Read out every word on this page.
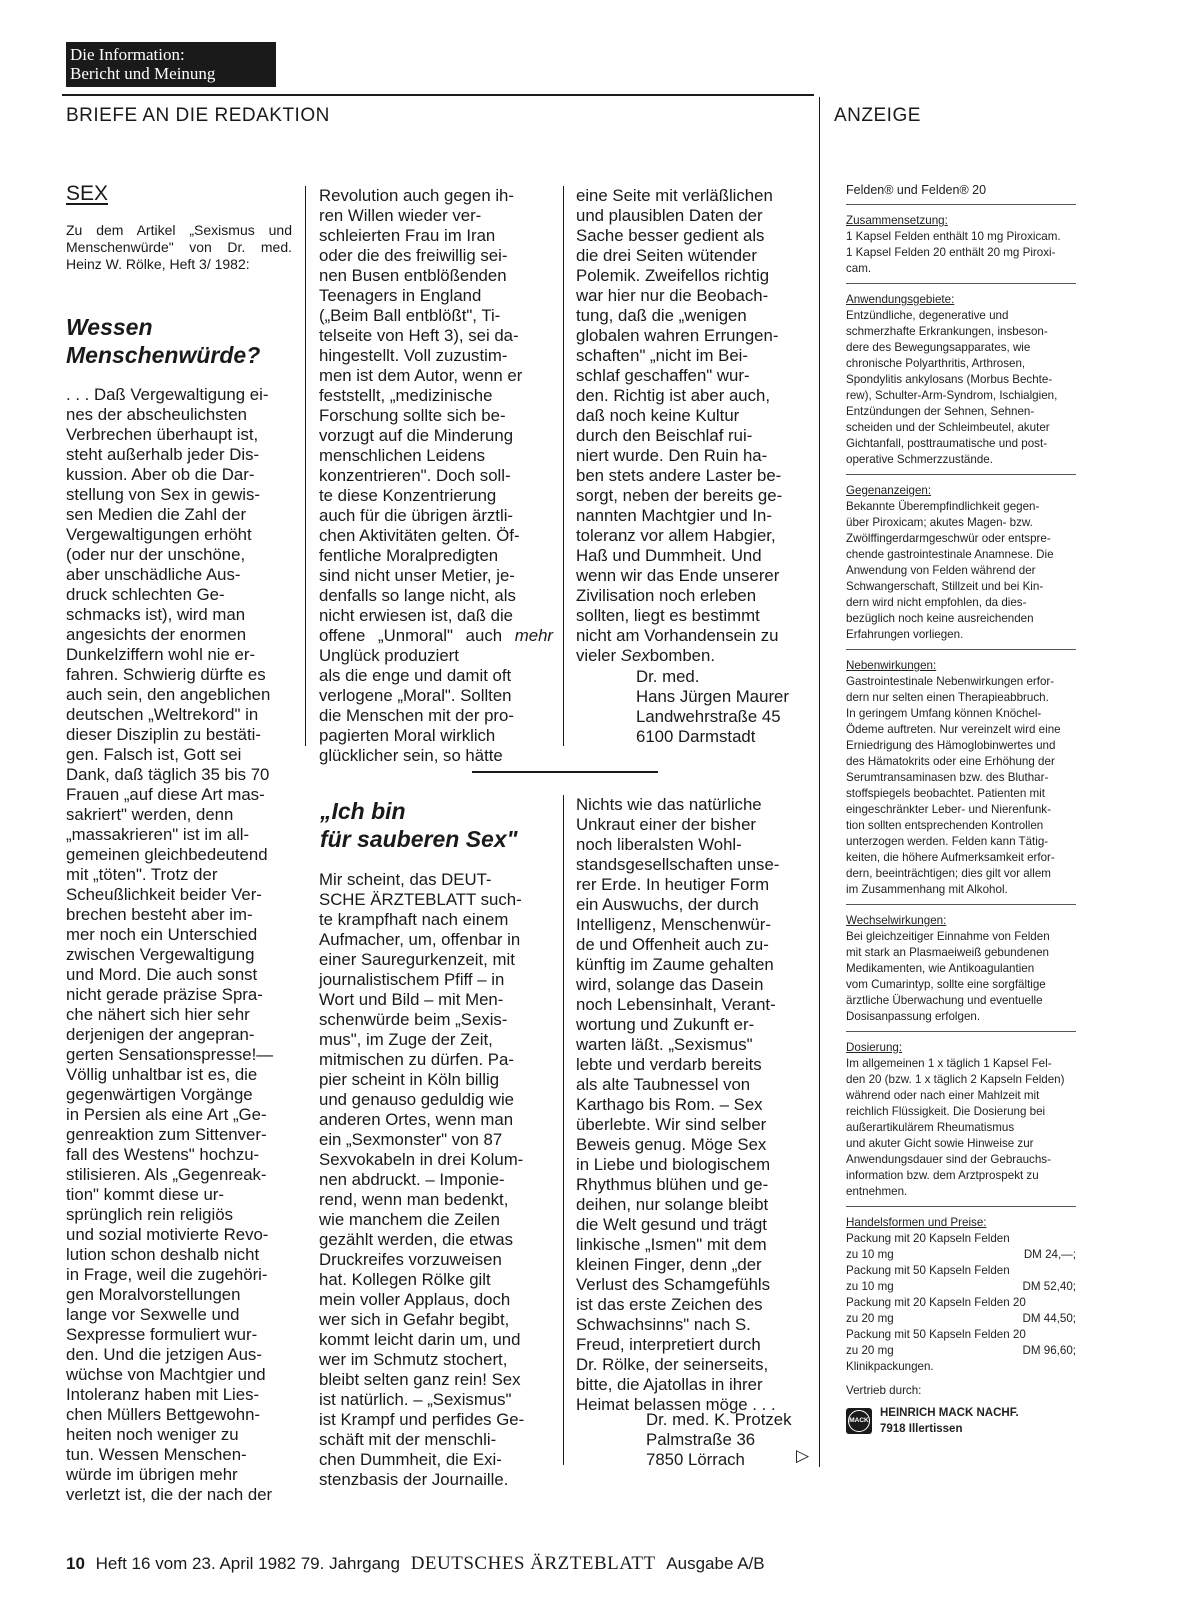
Die Information:
Bericht und Meinung
BRIEFE AN DIE REDAKTION	ANZEIGE
SEX
Zu dem Artikel „Sexismus und Menschenwürde" von Dr. med. Heinz W. Rölke, Heft 3/ 1982:
Wessen
Menschenwürde?
. . . Daß Vergewaltigung ei-
nes der abscheulichsten
Verbrechen überhaupt ist,
steht außerhalb jeder Dis-
kussion. Aber ob die Dar-
stellung von Sex in gewis-
sen Medien die Zahl der
Vergewaltigungen erhöht
(oder nur der unschöne,
aber unschädliche Aus-
druck schlechten Ge-
schmacks ist), wird man
angesichts der enormen
Dunkelziffern wohl nie er-
fahren. Schwierig dürfte es
auch sein, den angeblichen
deutschen „Weltrekord" in
dieser Disziplin zu bestäti-
gen. Falsch ist, Gott sei
Dank, daß täglich 35 bis 70
Frauen „auf diese Art mas-
sakriert" werden, denn
„massakrieren" ist im all-
gemeinen gleichbedeutend
mit „töten". Trotz der
Scheußlichkeit beider Ver-
brechen besteht aber im-
mer noch ein Unterschied
zwischen Vergewaltigung
und Mord. Die auch sonst
nicht gerade präzise Spra-
che nähert sich hier sehr
derjenigen der angepran-
gerten Sensationspresse!—
Völlig unhaltbar ist es, die
gegenwärtigen Vorgänge
in Persien als eine Art „Ge-
genreaktion zum Sittenver-
fall des Westens" hochzu-
stilisieren. Als „Gegenreak-
tion" kommt diese ur-
sprünglich rein religiös
und sozial motivierte Revo-
lution schon deshalb nicht
in Frage, weil die zugehöri-
gen Moralvorstellungen
lange vor Sexwelle und
Sexpresse formuliert wur-
den. Und die jetzigen Aus-
wüchse von Machtgier und
Intoleranz haben mit Lies-
chen Müllers Bettgewohn-
heiten noch weniger zu
tun. Wessen Menschen-
würde im übrigen mehr
verletzt ist, die der nach der
Revolution auch gegen ih-
ren Willen wieder ver-
schleierten Frau im Iran
oder die des freiwillig sei-
nen Busen entblößenden
Teenagers in England
(„Beim Ball entblößt", Ti-
telseite von Heft 3), sei da-
hingestellt. Voll zuzustim-
men ist dem Autor, wenn er
feststellt, „medizinische
Forschung sollte sich be-
vorzugt auf die Minderung
menschlichen Leidens
konzentrieren". Doch soll-
te diese Konzentrierung
auch für die übrigen ärztli-
chen Aktivitäten gelten. Öf-
fentliche Moralpredigten
sind nicht unser Metier, je-
denfalls so lange nicht, als
nicht erwiesen ist, daß die
offene „Unmoral" auch mehr Unglück produziert
als die enge und damit oft
verlogene „Moral". Sollten
die Menschen mit der pro-
pagierten Moral wirklich
glücklicher sein, so hätte
eine Seite mit verläßlichen
und plausiblen Daten der
Sache besser gedient als
die drei Seiten wütender
Polemik. Zweifellos richtig
war hier nur die Beobach-
tung, daß die „wenigen
globalen wahren Errungen-
schaften" „nicht im Bei-
schlaf geschaffen" wur-
den. Richtig ist aber auch,
daß noch keine Kultur
durch den Beischlaf rui-
niert wurde. Den Ruin ha-
ben stets andere Laster be-
sorgt, neben der bereits ge-
nannten Machtgier und In-
toleranz vor allem Habgier,
Haß und Dummheit. Und
wenn wir das Ende unserer
Zivilisation noch erleben
sollten, liegt es bestimmt
nicht am Vorhandensein zu
vieler Sexbomben.
Dr. med.
Hans Jürgen Maurer
Landwehrstraße 45
6100 Darmstadt
„Ich bin
für sauberen Sex"
Mir scheint, das DEUT-
SCHE ÄRZTEBLATT such-
te krampfhaft nach einem
Aufmacher, um, offenbar in
einer Sauregurkenzeit, mit
journalistischem Pfiff – in
Wort und Bild – mit Men-
schenwürde beim „Sexis-
mus", im Zuge der Zeit,
mitmischen zu dürfen. Pa-
pier scheint in Köln billig
und genauso geduldig wie
anderen Ortes, wenn man
ein „Sexmonster" von 87
Sexvokabeln in drei Kolum-
nen abdruckt. – Imponie-
rend, wenn man bedenkt,
wie manchem die Zeilen
gezählt werden, die etwas
Druckreifes vorzuweisen
hat. Kollegen Rölke gilt
mein voller Applaus, doch
wer sich in Gefahr begibt,
kommt leicht darin um, und
wer im Schmutz stochert,
bleibt selten ganz rein! Sex
ist natürlich. – „Sexismus"
ist Krampf und perfides Ge-
schäft mit der menschli-
chen Dummheit, die Exi-
stenzbasis der Journaille.
Nichts wie das natürliche
Unkraut einer der bisher
noch liberalsten Wohl-
standsgesellschaften unse-
rer Erde. In heutiger Form
ein Auswuchs, der durch
Intelligenz, Menschenwür-
de und Offenheit auch zu-
künftig im Zaume gehalten
wird, solange das Dasein
noch Lebensinhalt, Verant-
wortung und Zukunft er-
warten läßt. „Sexismus"
lebte und verdarb bereits
als alte Taubnessel von
Karthago bis Rom. – Sex
überlebte. Wir sind selber
Beweis genug. Möge Sex
in Liebe und biologischem
Rhythmus blühen und ge-
deihen, nur solange bleibt
die Welt gesund und trägt
linkische „Ismen" mit dem
kleinen Finger, denn „der
Verlust des Schamgefühls
ist das erste Zeichen des
Schwachsinns" nach S.
Freud, interpretiert durch
Dr. Rölke, der seinerseits,
bitte, die Ajatollas in ihrer
Heimat belassen möge . . .
Dr. med. K. Protzek
Palmstraße 36
7850 Lörrach	▷
Felden® und Felden® 20
Zusammensetzung:
1 Kapsel Felden enthält 10 mg Piroxicam.
1 Kapsel Felden 20 enthält 20 mg Piroxi-
cam.
Anwendungsgebiete:
Entzündliche, degenerative und
schmerzhafte Erkrankungen, insbeson-
dere des Bewegungsapparates, wie
chronische Polyarthritis, Arthrosen,
Spondylitis ankylosans (Morbus Bechte-
rew), Schulter-Arm-Syndrom, Ischialgien,
Entzündungen der Sehnen, Sehnen-
scheiden und der Schleimbeutel, akuter
Gichtanfall, posttraumatische und post-
operative Schmerzzustände.
Gegenanzeigen:
Bekannte Überempfindlichkeit gegen-
über Piroxicam; akutes Magen- bzw.
Zwölffingerdarmgeschwür oder entspre-
chende gastrointestinale Anamnese. Die
Anwendung von Felden während der
Schwangerschaft, Stillzeit und bei Kin-
dern wird nicht empfohlen, da dies-
bezüglich noch keine ausreichenden
Erfahrungen vorliegen.
Nebenwirkungen:
Gastrointestinale Nebenwirkungen erfor-
dern nur selten einen Therapieabbruch.
In geringem Umfang können Knöchel-
Ödeme auftreten. Nur vereinzelt wird eine
Erniedrigung des Hämoglobinwertes und
des Hämatokrits oder eine Erhöhung der
Serumtransaminasen bzw. des Bluthar-
stoffspiegels beobachtet. Patienten mit
eingeschränkter Leber- und Nierenfunk-
tion sollten entsprechenden Kontrollen
unterzogen werden. Felden kann Tätig-
keiten, die höhere Aufmerksamkeit erfor-
dern, beeinträchtigen; dies gilt vor allem
im Zusammenhang mit Alkohol.
Wechselwirkungen:
Bei gleichzeitiger Einnahme von Felden
mit stark an Plasmaeiweiß gebundenen
Medikamenten, wie Antikoagulantien
vom Cumarintyp, sollte eine sorgfältige
ärztliche Überwachung und eventuelle
Dosisanpassung erfolgen.
Dosierung:
Im allgemeinen 1 x täglich 1 Kapsel Fel-
den 20 (bzw. 1 x täglich 2 Kapseln Felden)
während oder nach einer Mahlzeit mit
reichlich Flüssigkeit. Die Dosierung bei
außerartikulärem Rheumatismus
und akuter Gicht sowie Hinweise zur
Anwendungsdauer sind der Gebrauchs-
information bzw. dem Arztprospekt zu
entnehmen.
Handelsformen und Preise:
Packung mit 20 Kapseln Felden
zu 10 mg	DM 24,—;
Packung mit 50 Kapseln Felden
zu 10 mg	DM 52,40;
Packung mit 20 Kapseln Felden 20
zu 20 mg	DM 44,50;
Packung mit 50 Kapseln Felden 20
zu 20 mg	DM 96,60;
Klinikpackungen.
Vertrieb durch:
MACK
HEINRICH MACK NACHF.
7918 Illertissen
10 Heft 16 vom 23. April 1982 79. Jahrgang DEUTSCHES ÄRZTEBLATT Ausgabe A/B
